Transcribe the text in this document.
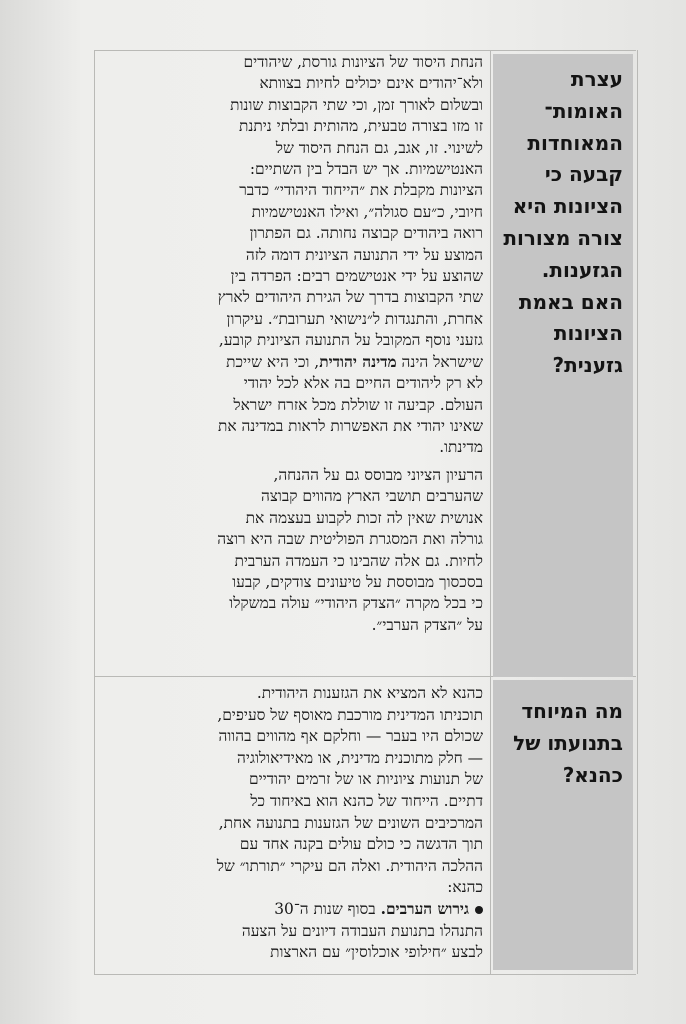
עצרת
האומות־
המאוחדות
קבעה כי
הציונות היא
צורה מצורות
הגזענות.
האם באמת
הציונות
גזענית?
מה המיוחד
בתנועתו של
כהנא?
הנחת היסוד של הציונות גורסת, שיהודים
ולא־יהודים אינם יכולים לחיות בצוותא
ובשלום לאורך זמן, וכי שתי הקבוצות שונות
זו מזו בצורה טבעית, מהותית ובלתי ניתנת
לשינוי. זו, אגב, גם הנחת היסוד של
האנטישמיות. אך יש הבדל בין השתיים:
הציונות מקבלת את ״הייחוד היהודי״ כדבר
חיובי, כ״עם סגולה״, ואילו האנטישמיות
רואה ביהודים קבוצה נחותה. גם הפתרון
המוצע על ידי התנועה הציונית דומה לזה
שהוצע על ידי אנטישמים רבים: הפרדה בין
שתי הקבוצות בדרך של הגירת היהודים לארץ
אחרת, והתנגדות ל״נישואי תערובת״. עיקרון
גזעני נוסף המקובל על התנועה הציונית קובע,
שישראל הינה מדינה יהודית, וכי היא שייכת
לא רק ליהודים החיים בה אלא לכל יהודי
העולם. קביעה זו שוללת מכל אזרח ישראל
שאינו יהודי את האפשרות לראות במדינה את
מדינתו.
הרעיון הציוני מבוסס גם על ההנחה,
שהערבים תושבי הארץ מהווים קבוצה
אנושית שאין לה זכות לקבוע בעצמה את
גורלה ואת המסגרת הפוליטית שבה היא רוצה
לחיות. גם אלה שהבינו כי העמדה הערבית
בסכסוך מבוססת על טיעונים צודקים, קבעו
כי בכל מקרה ״הצדק היהודי״ עולה במשקלו
על ״הצדק הערבי״.
כהנא לא המציא את הגזענות היהודית.
תוכניתו המדינית מורכבת מאוסף של סעיפים,
שכולם היו בעבר — וחלקם אף מהווים בהווה
— חלק מתוכנית מדינית, או מאידיאולוגיה
של תנועות ציוניות או של זרמים יהודיים
דתיים. הייחוד של כהנא הוא באיחוד כל
המרכיבים השונים של הגזענות בתנועה אחת,
תוך הדגשה כי כולם עולים בקנה אחד עם
ההלכה היהודית. ואלה הם עיקרי ״תורתו״ של
כהנא:
גירוש הערבים. בסוף שנות ה־30
התנהלו בתנועת העבודה דיונים על הצעה
לבצע ״חילופי אוכלוסין״ עם הארצות
